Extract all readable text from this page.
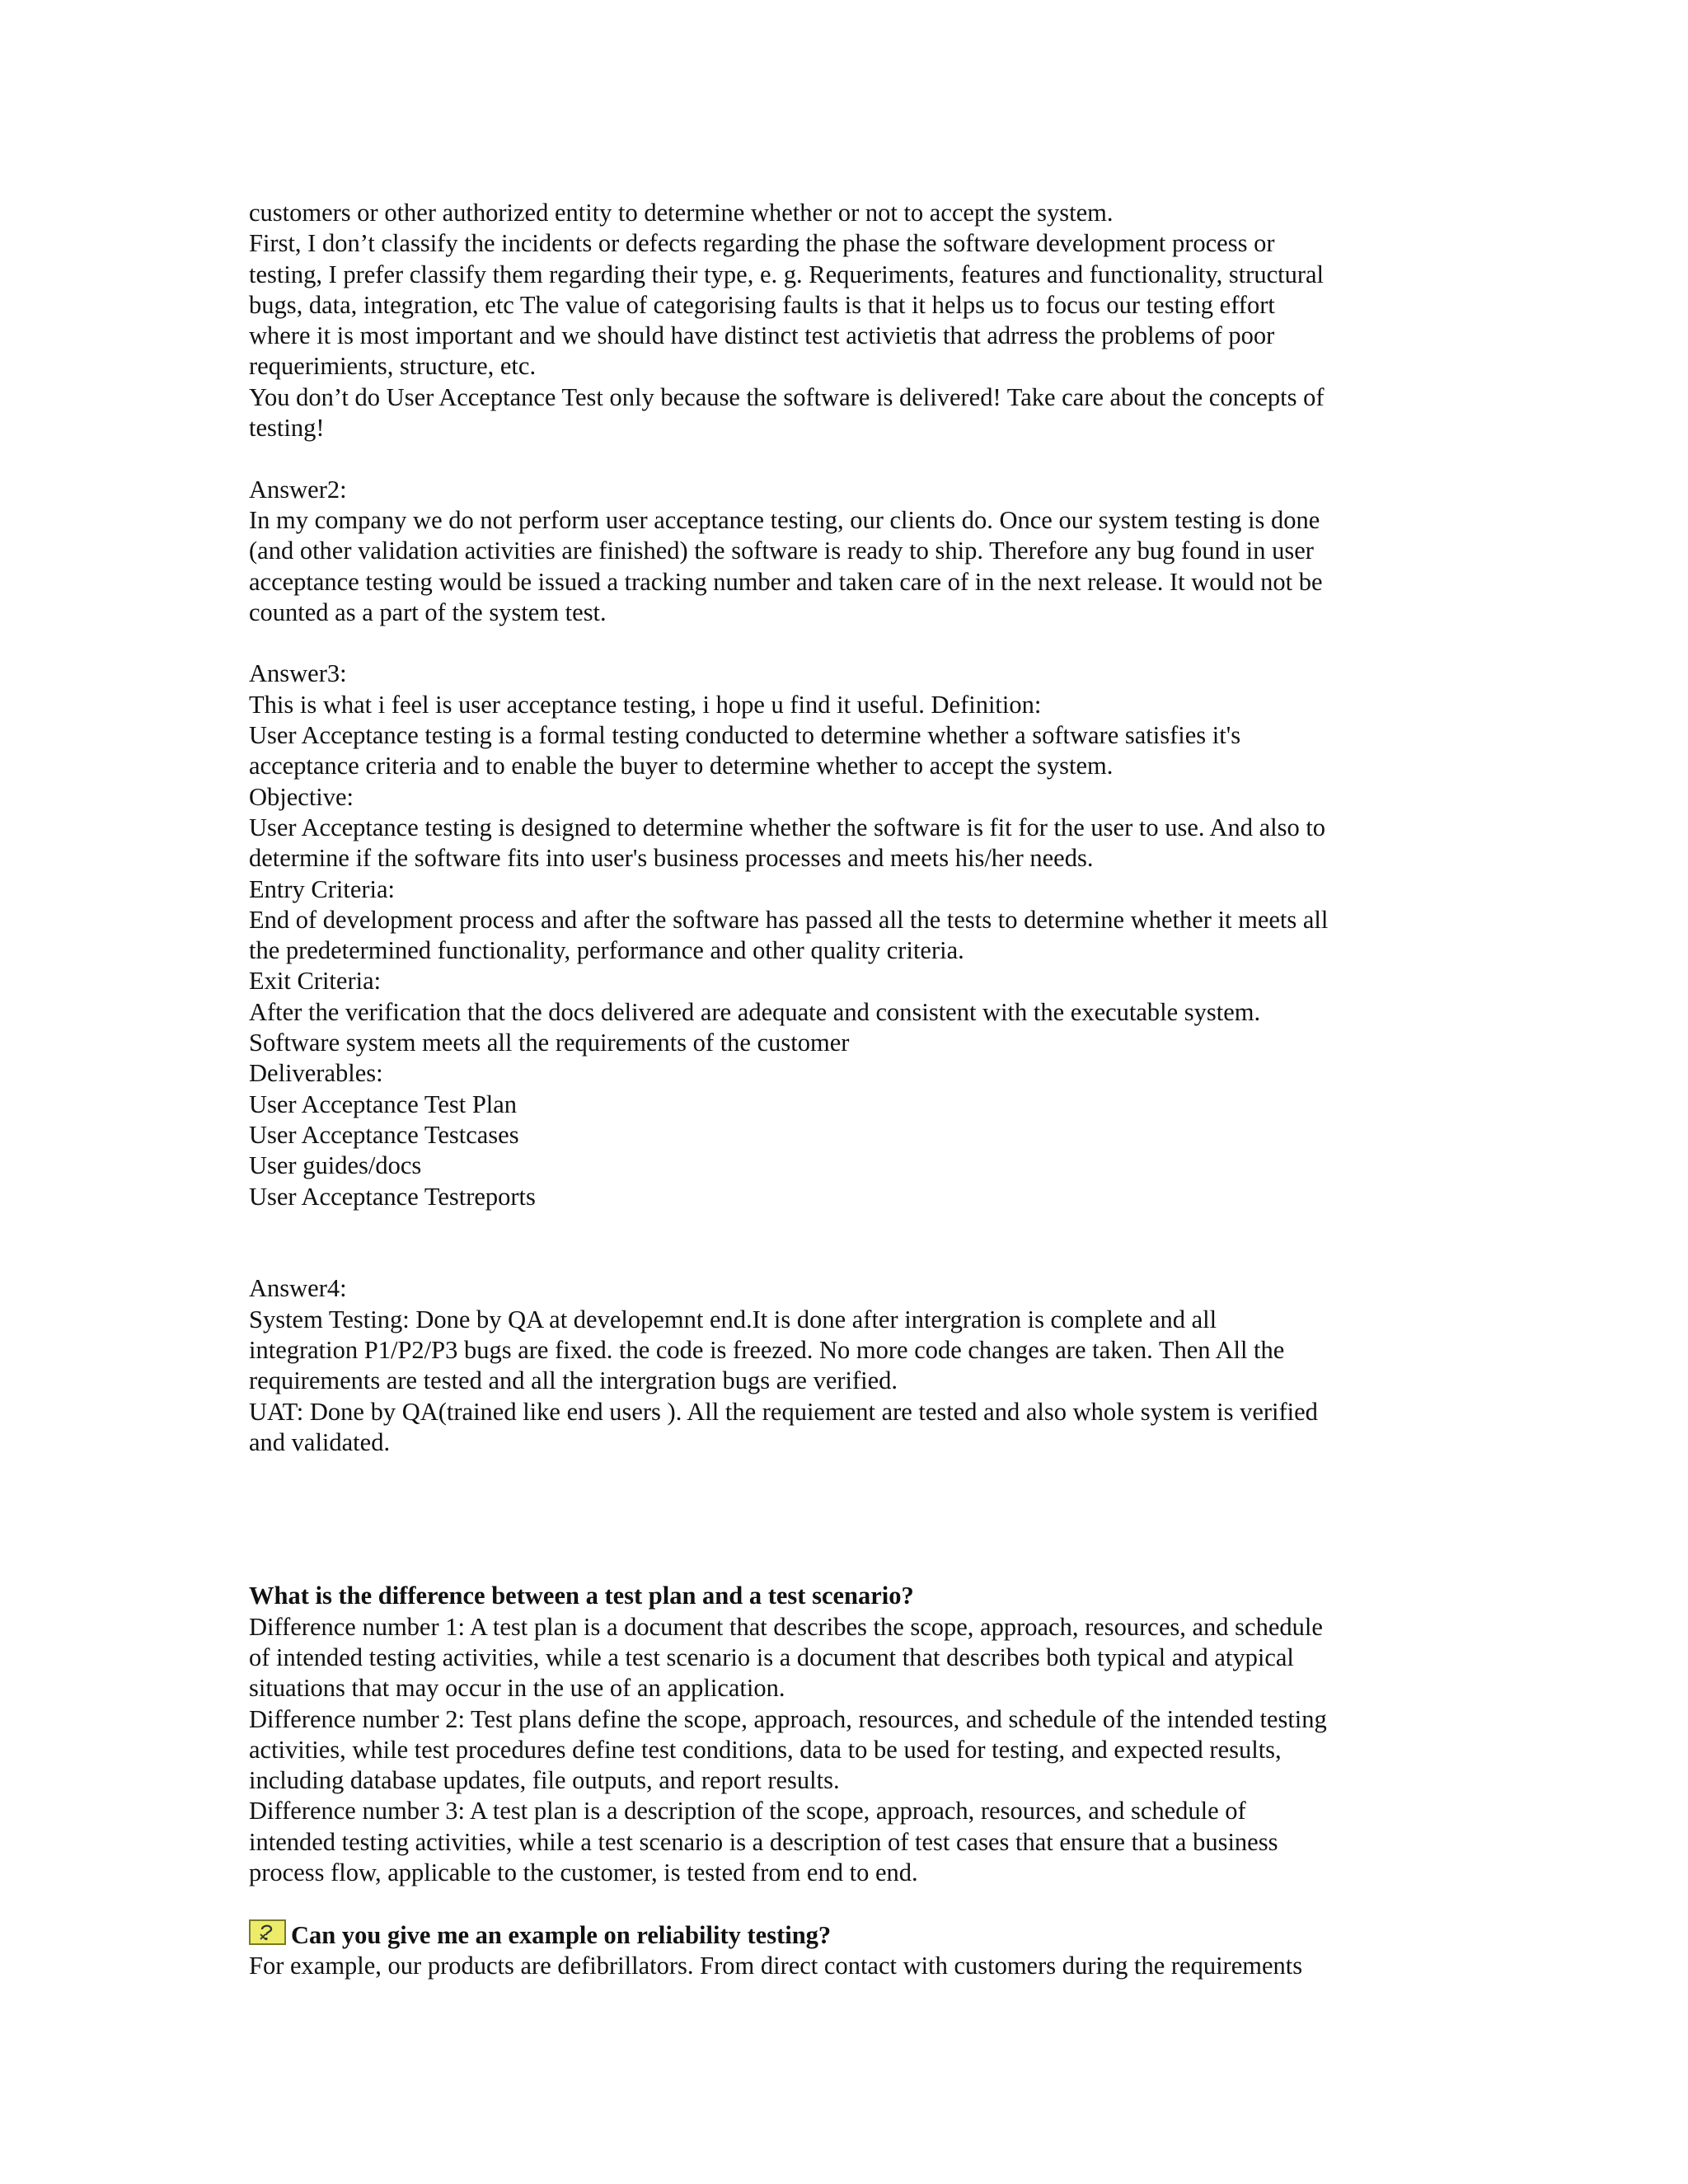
customers or other authorized entity to determine whether or not to accept the system.
First, I don’t classify the incidents or defects regarding the phase the software development process or
testing, I prefer classify them regarding their type, e. g. Requeriments, features and functionality, structural
bugs, data, integration, etc The value of categorising faults is that it helps us to focus our testing effort
where it is most important and we should have distinct test activietis that adrress the problems of poor
requerimients, structure, etc.
You don’t do User Acceptance Test only because the software is delivered! Take care about the concepts of
testing!
Answer2:
In my company we do not perform user acceptance testing, our clients do. Once our system testing is done
(and other validation activities are finished) the software is ready to ship. Therefore any bug found in user
acceptance testing would be issued a tracking number and taken care of in the next release. It would not be
counted as a part of the system test.
Answer3:
This is what i feel is user acceptance testing, i hope u find it useful. Definition:
User Acceptance testing is a formal testing conducted to determine whether a software satisfies it's
acceptance criteria and to enable the buyer to determine whether to accept the system.
Objective:
User Acceptance testing is designed to determine whether the software is fit for the user to use. And also to
determine if the software fits into user's business processes and meets his/her needs.
Entry Criteria:
End of development process and after the software has passed all the tests to determine whether it meets all
the predetermined functionality, performance and other quality criteria.
Exit Criteria:
After the verification that the docs delivered are adequate and consistent with the executable system.
Software system meets all the requirements of the customer
Deliverables:
User Acceptance Test Plan
User Acceptance Testcases
User guides/docs
User Acceptance Testreports
Answer4:
System Testing: Done by QA at developemnt end.It is done after intergration is complete and all
integration P1/P2/P3 bugs are fixed. the code is freezed. No more code changes are taken. Then All the
requirements are tested and all the intergration bugs are verified.
UAT: Done by QA(trained like end users ). All the requiement are tested and also whole system is verified
and validated.
What is the difference between a test plan and a test scenario?
Difference number 1: A test plan is a document that describes the scope, approach, resources, and schedule
of intended testing activities, while a test scenario is a document that describes both typical and atypical
situations that may occur in the use of an application.
Difference number 2: Test plans define the scope, approach, resources, and schedule of the intended testing
activities, while test procedures define test conditions, data to be used for testing, and expected results,
including database updates, file outputs, and report results.
Difference number 3: A test plan is a description of the scope, approach, resources, and schedule of
intended testing activities, while a test scenario is a description of test cases that ensure that a business
process flow, applicable to the customer, is tested from end to end.
Can you give me an example on reliability testing?
For example, our products are defibrillators. From direct contact with customers during the requirements
